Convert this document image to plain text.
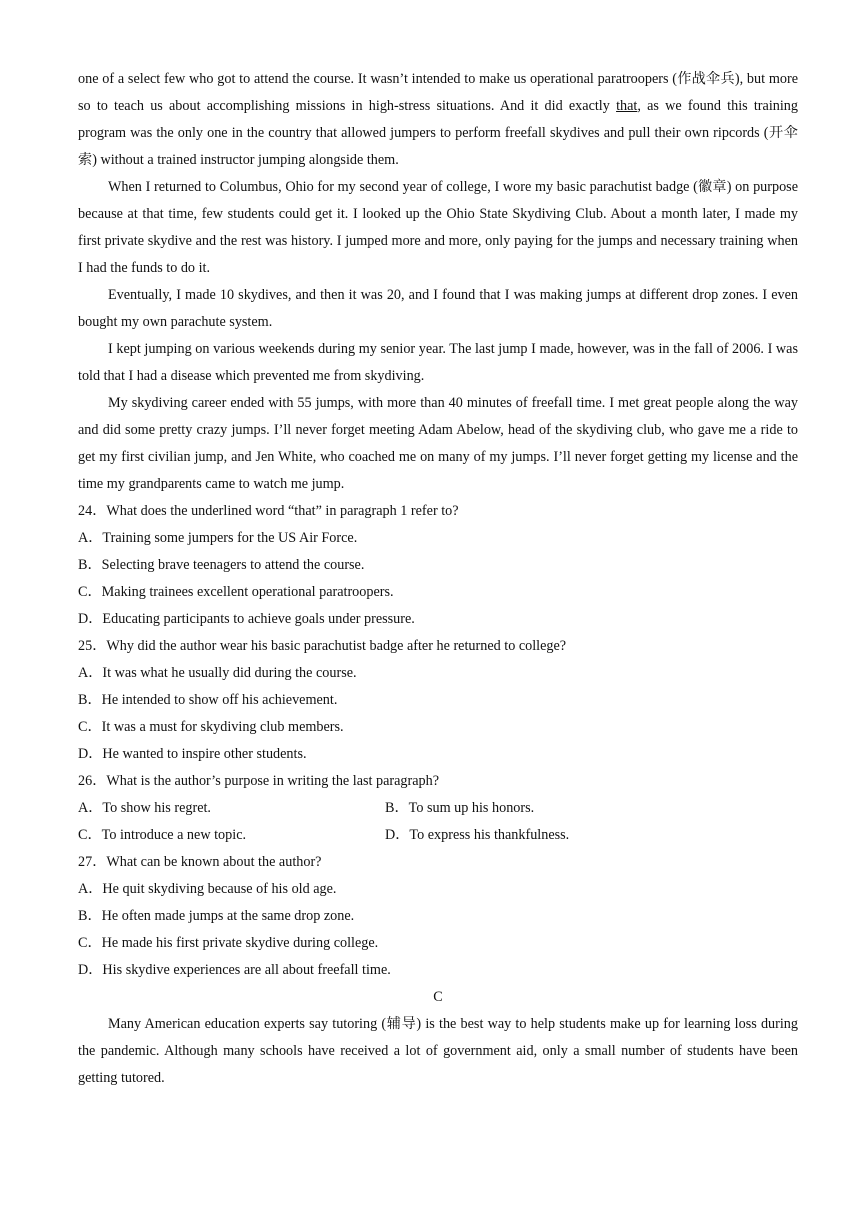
one of a select few who got to attend the course. It wasn’t intended to make us operational paratroopers (作战伞兵), but more so to teach us about accomplishing missions in high-stress situations. And it did exactly that, as we found this training program was the only one in the country that allowed jumpers to perform freefall skydives and pull their own ripcords (开伞索) without a trained instructor jumping alongside them.

When I returned to Columbus, Ohio for my second year of college, I wore my basic parachutist badge (徽章) on purpose because at that time, few students could get it. I looked up the Ohio State Skydiving Club. About a month later, I made my first private skydive and the rest was history. I jumped more and more, only paying for the jumps and necessary training when I had the funds to do it.

Eventually, I made 10 skydives, and then it was 20, and I found that I was making jumps at different drop zones. I even bought my own parachute system.

I kept jumping on various weekends during my senior year. The last jump I made, however, was in the fall of 2006. I was told that I had a disease which prevented me from skydiving.

My skydiving career ended with 55 jumps, with more than 40 minutes of freefall time. I met great people along the way and did some pretty crazy jumps. I’ll never forget meeting Adam Abelow, head of the skydiving club, who gave me a ride to get my first civilian jump, and Jen White, who coached me on many of my jumps. I’ll never forget getting my license and the time my grandparents came to watch me jump.

24．What does the underlined word “that” in paragraph 1 refer to?
A．Training some jumpers for the US Air Force.
B．Selecting brave teenagers to attend the course.
C．Making trainees excellent operational paratroopers.
D．Educating participants to achieve goals under pressure.
25．Why did the author wear his basic parachutist badge after he returned to college?
A．It was what he usually did during the course.
B．He intended to show off his achievement.
C．It was a must for skydiving club members.
D．He wanted to inspire other students.
26．What is the author’s purpose in writing the last paragraph?
A．To show his regret.	B．To sum up his honors.
C．To introduce a new topic.	D．To express his thankfulness.
27．What can be known about the author?
A．He quit skydiving because of his old age.
B．He often made jumps at the same drop zone.
C．He made his first private skydive during college.
D．His skydive experiences are all about freefall time.
C

Many American education experts say tutoring (辅导) is the best way to help students make up for learning loss during the pandemic. Although many schools have received a lot of government aid, only a small number of students have been getting tutored.
